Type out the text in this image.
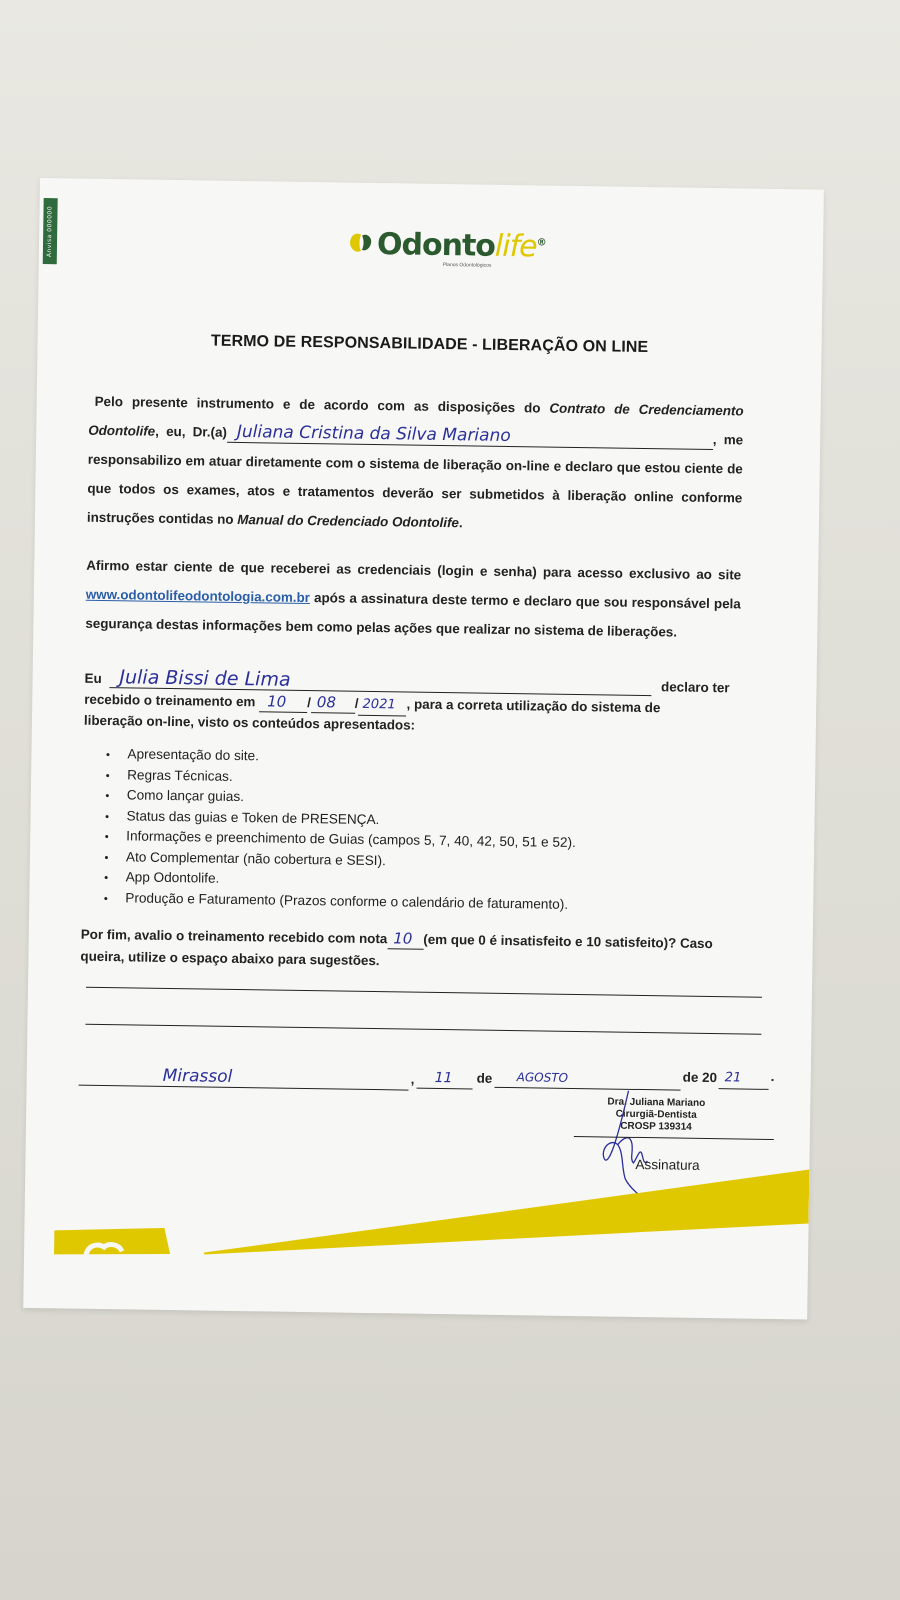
Anvisa 000000	Odontolife®
Planos Odontológicos
TERMO DE RESPONSABILIDADE - LIBERAÇÃO ON LINE
Pelo presente instrumento e de acordo com as disposições do Contrato de Credenciamento Odontolife, eu, Dr.(a) Juliana Cristina da Silva Mariano	, me responsabilizo em atuar diretamente com o sistema de liberação on-line e declaro que estou ciente de que todos os exames, atos e tratamentos deverão ser submetidos à liberação online conforme instruções contidas no Manual do Credenciado Odontolife.
Afirmo estar ciente de que receberei as credenciais (login e senha) para acesso exclusivo ao site www.odontolifeodontologia.com.br após a assinatura deste termo e declaro que sou responsável pela segurança destas informações bem como pelas ações que realizar no sistema de liberações.
Eu Julia Bissi de Lima	declaro ter
recebido o treinamento em 10 / 08 / 2021 , para a correta utilização do sistema de
liberação on-line, visto os conteúdos apresentados:
• Apresentação do site.
• Regras Técnicas.
• Como lançar guias.
• Status das guias e Token de PRESENÇA.
• Informações e preenchimento de Guias (campos 5, 7, 40, 42, 50, 51 e 52).
• Ato Complementar (não cobertura e SESI).
• App Odontolife.
• Produção e Faturamento (Prazos conforme o calendário de faturamento).
Por fim, avalio o treinamento recebido com nota 10 (em que 0 é insatisfeito e 10 satisfeito)? Caso
queira, utilize o espaço abaixo para sugestões.
Mirassol	,	11	de	AGOSTO	de 20 21	.
Dra. Juliana Mariano
Cirurgiã-Dentista
CROSP 139314
Assinatura
